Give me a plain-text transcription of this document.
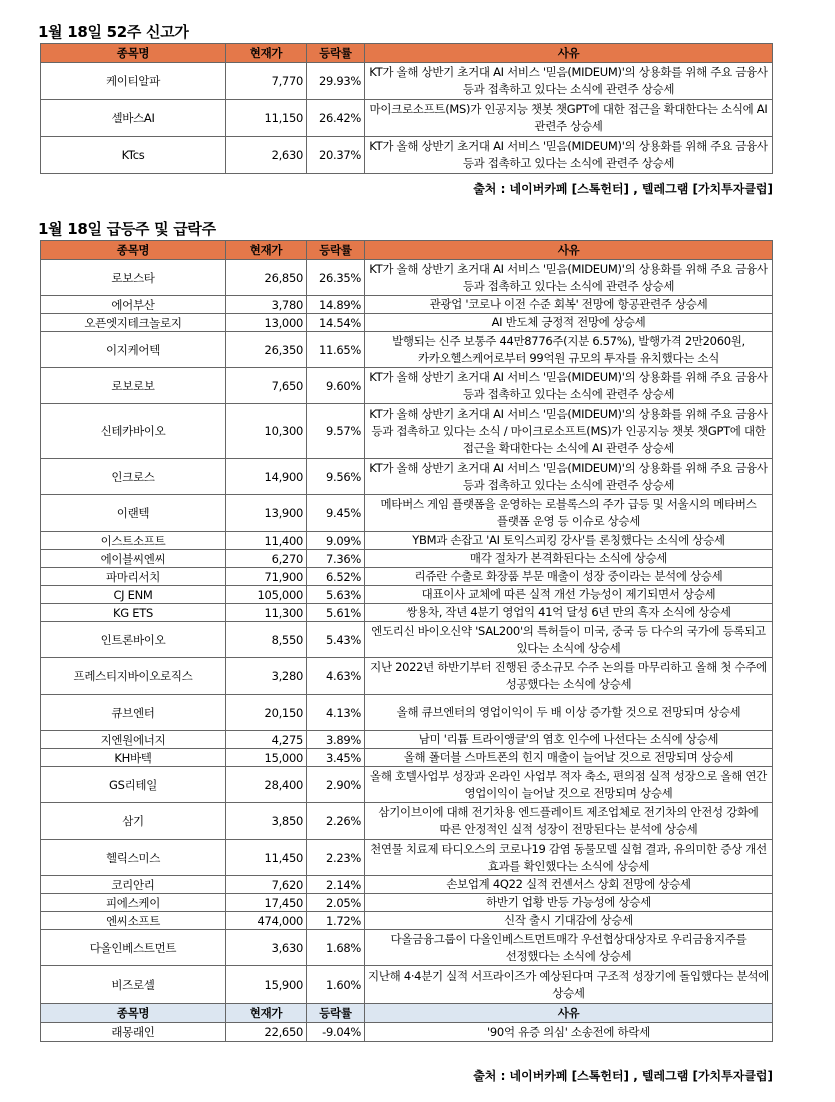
1월 18일 52주 신고가
종목명	현재가	등락률	사유
케이티알파	7,770	29.93%	KT가 올해 상반기 초거대 AI 서비스 '믿음(MIDEUM)'의 상용화를 위해 주요 금융사 등과 접촉하고 있다는 소식에 관련주 상승세
셀바스AI	11,150	26.42%	마이크로소프트(MS)가 인공지능 챗봇 챗GPT에 대한 접근을 확대한다는 소식에 AI 관련주 상승세
KTcs	2,630	20.37%	KT가 올해 상반기 초거대 AI 서비스 '믿음(MIDEUM)'의 상용화를 위해 주요 금융사 등과 접촉하고 있다는 소식에 관련주 상승세
출처 : 네이버카페 [스톡헌터] , 텔레그램 [가치투자클럽]
1월 18일 급등주 및 급락주
종목명	현재가	등락률	사유
로보스타	26,850	26.35%	KT가 올해 상반기 초거대 AI 서비스 '믿음(MIDEUM)'의 상용화를 위해 주요 금융사 등과 접촉하고 있다는 소식에 관련주 상승세
에어부산	3,780	14.89%	관광업 '코로나 이전 수준 회복' 전망에 항공관련주 상승세
오픈엣지테크놀로지	13,000	14.54%	AI 반도체 긍정적 전망에 상승세
이지케어텍	26,350	11.65%	발행되는 신주 보통주 44만8776주(지분 6.57%), 발행가격 2만2060원, 카카오헬스케어로부터 99억원 규모의 투자를 유치했다는 소식
로보로보	7,650	9.60%	KT가 올해 상반기 초거대 AI 서비스 '믿음(MIDEUM)'의 상용화를 위해 주요 금융사 등과 접촉하고 있다는 소식에 관련주 상승세
신테카바이오	10,300	9.57%	KT가 올해 상반기 초거대 AI 서비스 '믿음(MIDEUM)'의 상용화를 위해 주요 금융사 등과 접촉하고 있다는 소식 / 마이크로소프트(MS)가 인공지능 챗봇 챗GPT에 대한 접근을 확대한다는 소식에 AI 관련주 상승세
인크로스	14,900	9.56%	KT가 올해 상반기 초거대 AI 서비스 '믿음(MIDEUM)'의 상용화를 위해 주요 금융사 등과 접촉하고 있다는 소식에 관련주 상승세
이랜텍	13,900	9.45%	메타버스 게임 플랫폼을 운영하는 로블록스의 주가 급등 및 서울시의 메타버스 플랫폼 운영 등 이슈로 상승세
이스트소프트	11,400	9.09%	YBM과 손잡고 'AI 토익스피킹 강사'를 론칭했다는 소식에 상승세
에이블씨엔씨	6,270	7.36%	매각 절차가 본격화된다는 소식에 상승세
파마리서치	71,900	6.52%	리쥬란 수출로 화장품 부문 매출이 성장 중이라는 분석에 상승세
CJ ENM	105,000	5.63%	대표이사 교체에 따른 실적 개선 가능성이 제기되면서 상승세
KG ETS	11,300	5.61%	쌍용차, 작년 4분기 영업익 41억 달성 6년 만의 흑자 소식에 상승세
인트론바이오	8,550	5.43%	엔도리신 바이오신약 'SAL200'의 특허들이 미국, 중국 등 다수의 국가에 등록되고 있다는 소식에 상승세
프레스티지바이오로직스	3,280	4.63%	지난 2022년 하반기부터 진행된 중소규모 수주 논의를 마무리하고 올해 첫 수주에 성공했다는 소식에 상승세
큐브엔터	20,150	4.13%	올해 큐브엔터의 영업이익이 두 배 이상 증가할 것으로 전망되며 상승세
지엔원에너지	4,275	3.89%	남미 '리튬 트라이앵글'의 염호 인수에 나선다는 소식에 상승세
KH바텍	15,000	3.45%	올해 폴더블 스마트폰의 힌지 매출이 늘어날 것으로 전망되며 상승세
GS리테일	28,400	2.90%	올해 호텔사업부 성장과 온라인 사업부 적자 축소, 편의점 실적 성장으로 올해 연간 영업이익이 늘어날 것으로 전망되며 상승세
삼기	3,850	2.26%	삼기이브이에 대해 전기차용 엔드플레이트 제조업체로 전기차의 안전성 강화에 따른 안정적인 실적 성장이 전망된다는 분석에 상승세
헬릭스미스	11,450	2.23%	천연물 치료제 타디오스의 코로나19 감염 동물모델 실험 결과, 유의미한 증상 개선 효과를 확인했다는 소식에 상승세
코리안리	7,620	2.14%	손보업계 4Q22 실적 컨센서스 상회 전망에 상승세
피에스케이	17,450	2.05%	하반기 업황 반등 가능성에 상승세
엔씨소프트	474,000	1.72%	신작 출시 기대감에 상승세
다올인베스트먼트	3,630	1.68%	다올금융그룹이 다올인베스트먼트매각 우선협상대상자로 우리금융지주를 선정했다는 소식에 상승세
비즈로셀	15,900	1.60%	지난해 4·4분기 실적 서프라이즈가 예상된다며 구조적 성장기에 돌입했다는 분석에 상승세
종목명	현재가	등락률	사유
래몽래인	22,650	-9.04%	'90억 유증 의심' 소송전에 하락세
출처 : 네이버카페 [스톡헌터] , 텔레그램 [가치투자클럽]
